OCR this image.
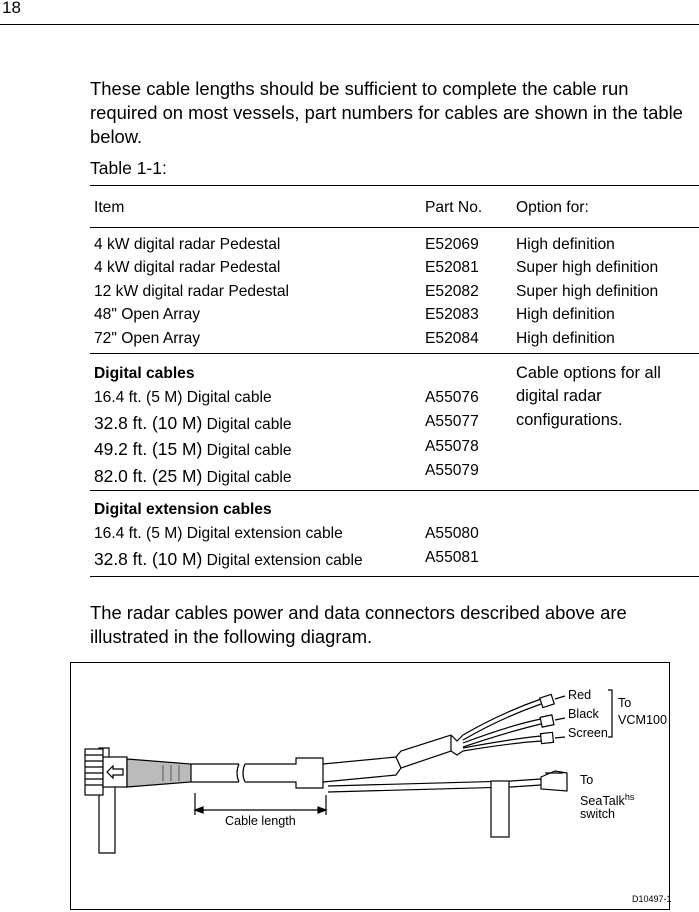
18

These cable lengths should be sufficient to complete the cable run required on most vessels, part numbers for cables are shown in the table below.

Table 1-1:
Item	Part No. Option for:
4 kW digital radar Pedestal
4 kW digital radar Pedestal
12 kW digital radar Pedestal
48" Open Array
72" Open Array
E52069
E52081
E52082
E52083
E52084
High definition
Super high definition
Super high definition
High definition
High definition
Digital cables
16.4 ft. (5 M) Digital cable
32.8 ft. (10 M) Digital cable
49.2 ft. (15 M) Digital cable
82.0 ft. (25 M) Digital cable
A55076
A55077
A55078
A55079
Cable options for all
digital radar
configurations.
Digital extension cables
16.4 ft. (5 M) Digital extension cable
32.8 ft. (10 M) Digital extension cable
A55080
A55081

The radar cables power and data connectors described above are illustrated in the following diagram.

Red
Black
Screen
To
VCM100
To
SeaTalk$^{hs}$
switch
Cable length
D10497-1
